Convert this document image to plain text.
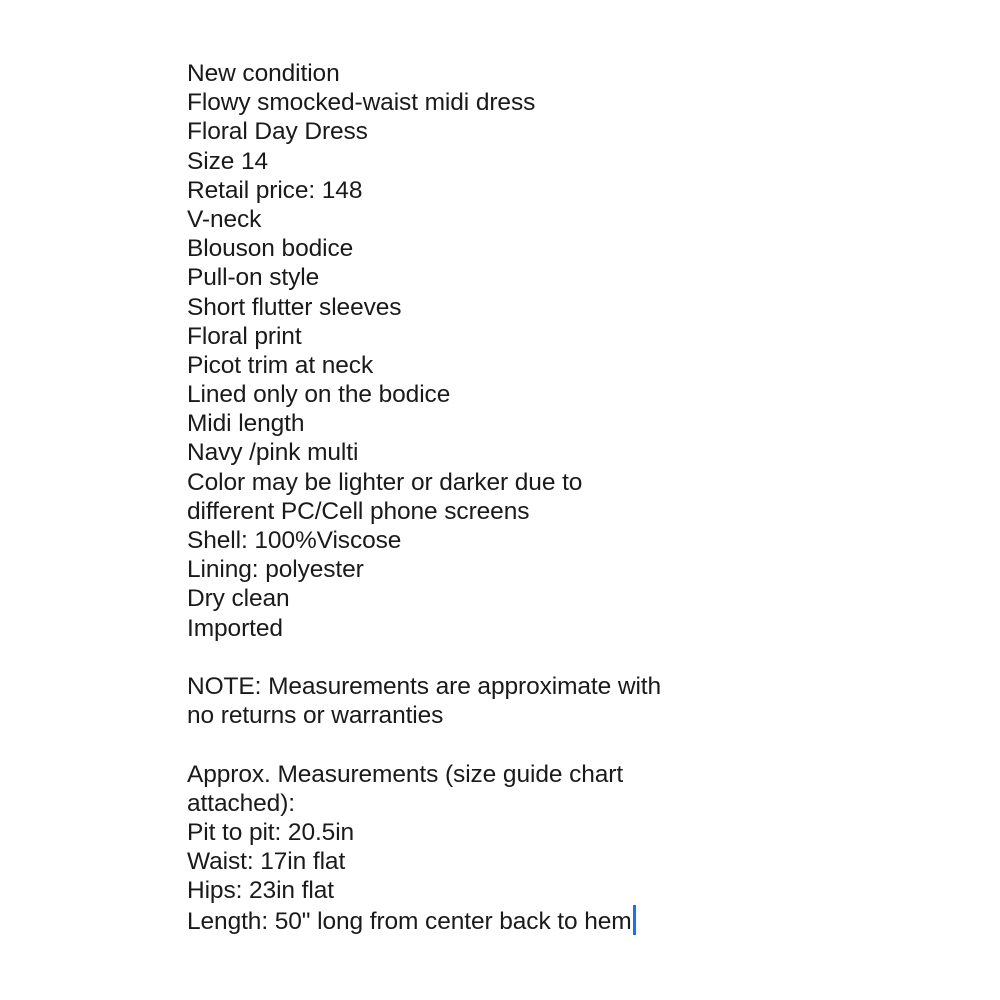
New condition
Flowy smocked-waist midi dress
Floral Day Dress
Size 14
Retail price: 148
V-neck
Blouson bodice
Pull-on style
Short flutter sleeves
Floral print
Picot trim at neck
Lined only on the bodice
Midi length
Navy /pink multi
Color may be lighter or darker due to
different PC/Cell phone screens
Shell: 100%Viscose
Lining: polyester
Dry clean
Imported
NOTE: Measurements are approximate with
no returns or warranties
Approx. Measurements (size guide chart
attached):
Pit to pit: 20.5in
Waist: 17in flat
Hips: 23in flat
Length: 50" long from center back to hem
